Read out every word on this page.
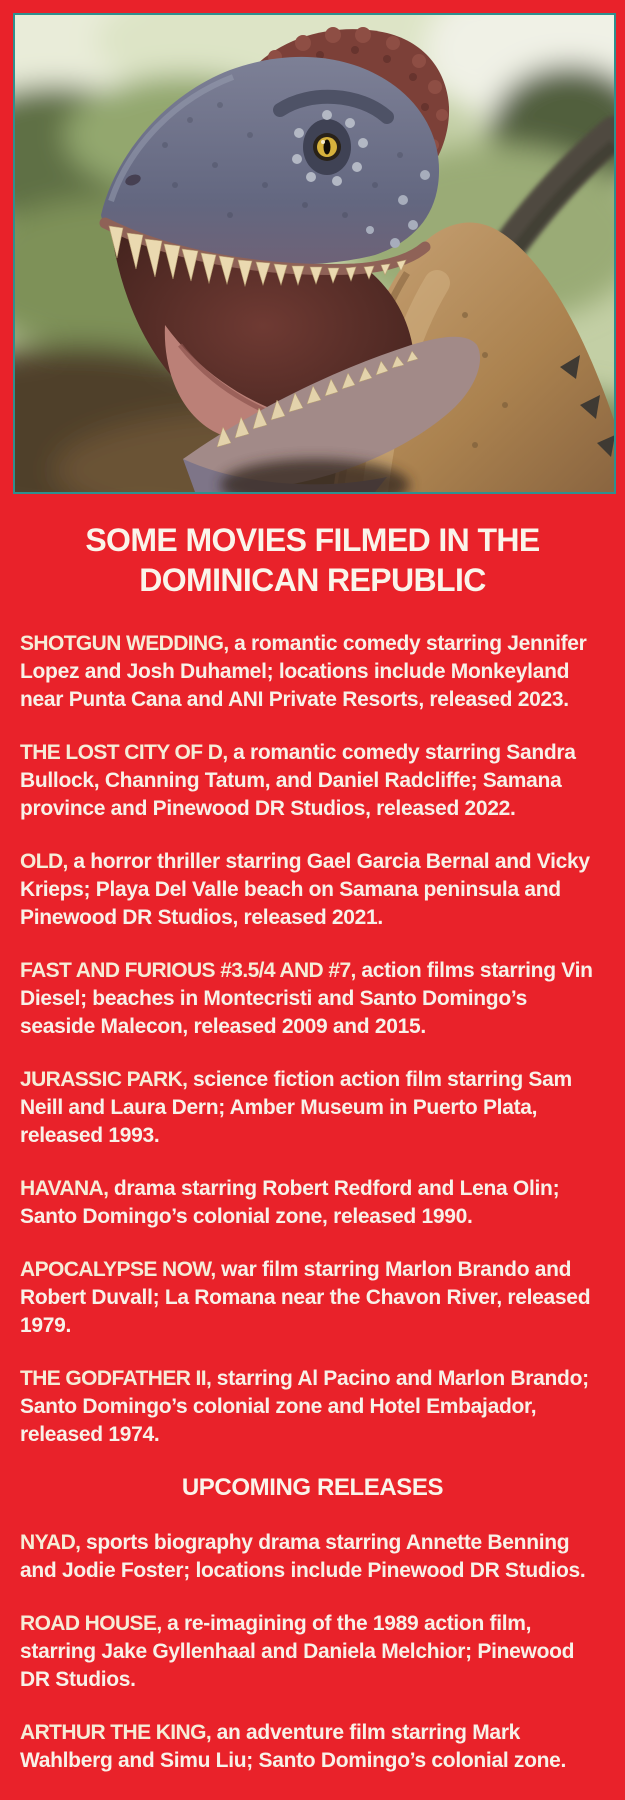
SOME MOVIES FILMED IN THE
DOMINICAN REPUBLIC

SHOTGUN WEDDING, a romantic comedy starring Jennifer Lopez and Josh Duhamel; locations include Monkeyland near Punta Cana and ANI Private Resorts, released 2023.

THE LOST CITY OF D, a romantic comedy starring Sandra Bullock, Channing Tatum, and Daniel Radcliffe; Samana province and Pinewood DR Studios, released 2022.

OLD, a horror thriller starring Gael Garcia Bernal and Vicky Krieps; Playa Del Valle beach on Samana peninsula and Pinewood DR Studios, released 2021.

FAST AND FURIOUS #3.5/4 AND #7, action films starring Vin Diesel; beaches in Montecristi and Santo Domingo’s seaside Malecon, released 2009 and 2015.

JURASSIC PARK, science fiction action film starring Sam Neill and Laura Dern; Amber Museum in Puerto Plata, released 1993.

HAVANA, drama starring Robert Redford and Lena Olin; Santo Domingo’s colonial zone, released 1990.

APOCALYPSE NOW, war film starring Marlon Brando and Robert Duvall; La Romana near the Chavon River, released 1979.

THE GODFATHER II, starring Al Pacino and Marlon Brando; Santo Domingo’s colonial zone and Hotel Embajador, released 1974.

UPCOMING RELEASES

NYAD, sports biography drama starring Annette Benning and Jodie Foster; locations include Pinewood DR Studios.

ROAD HOUSE, a re-imagining of the 1989 action film, starring Jake Gyllenhaal and Daniela Melchior; Pinewood DR Studios.

ARTHUR THE KING, an adventure film starring Mark Wahlberg and Simu Liu; Santo Domingo’s colonial zone.
